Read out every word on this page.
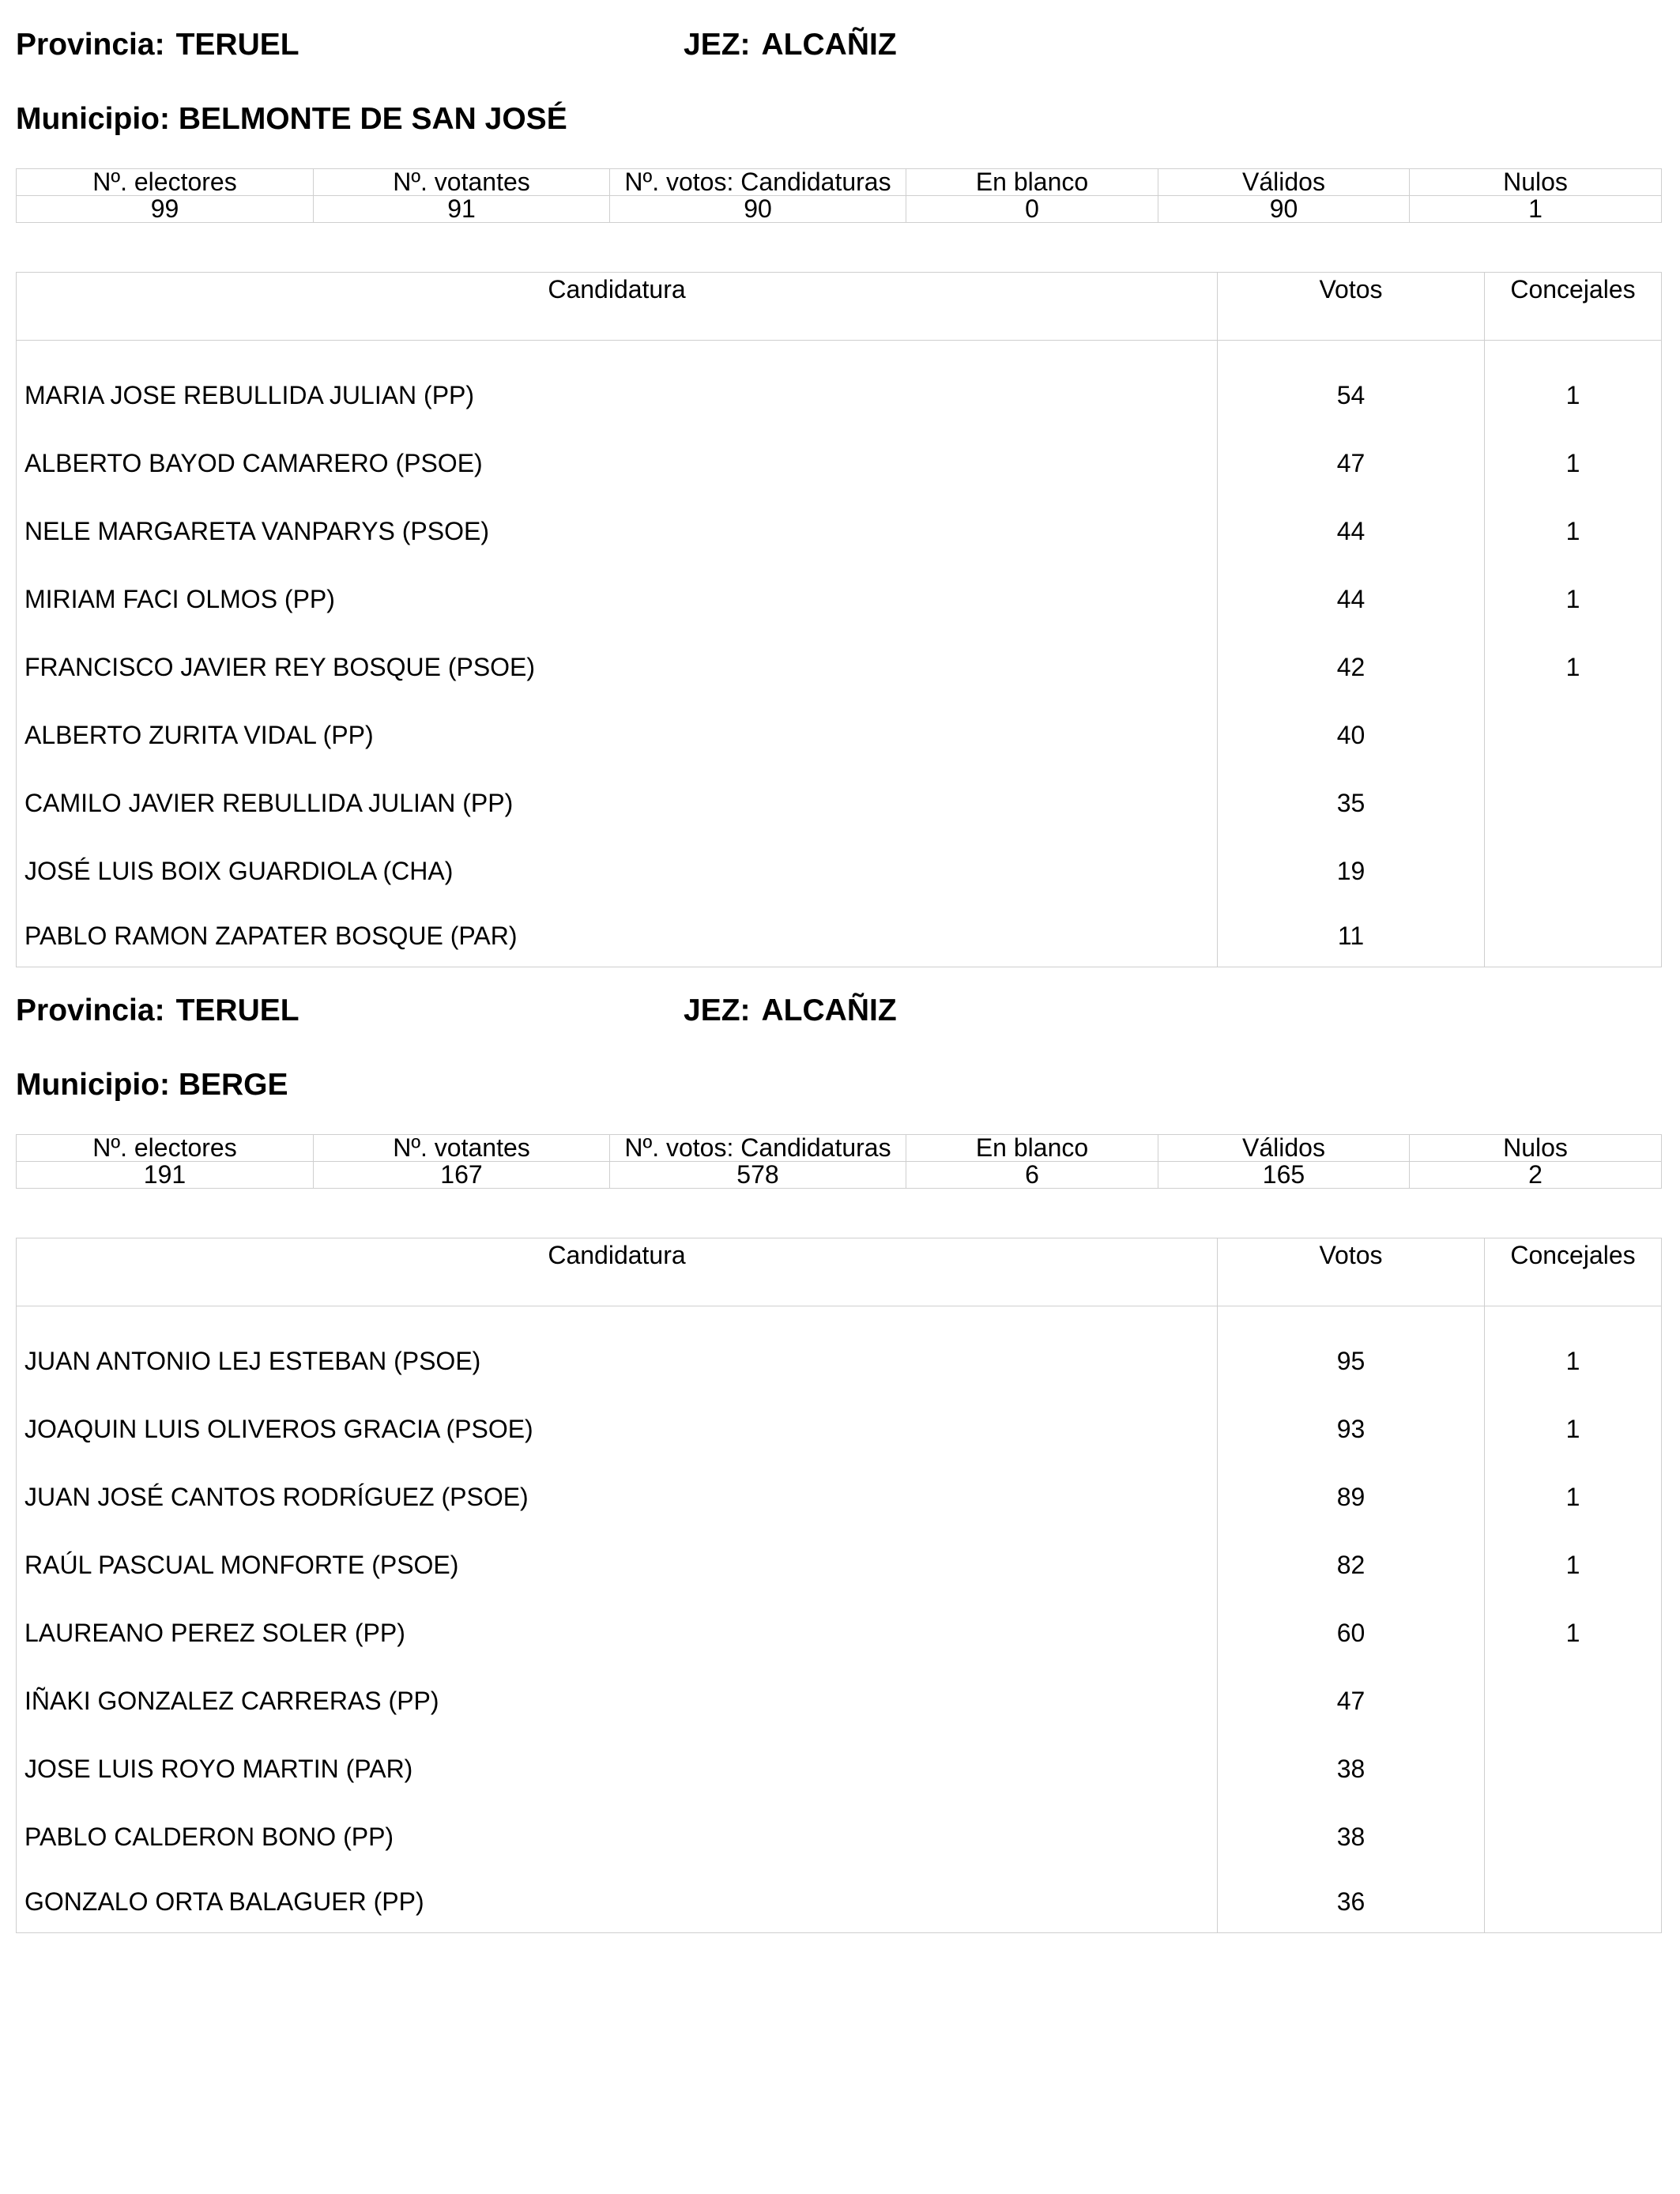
Provincia: TERUEL	JEZ: ALCAÑIZ
Municipio: BELMONTE DE SAN JOSÉ
Nº. electores	Nº. votantes	Nº. votos: Candidaturas	En blanco	Válidos	Nulos
99	91	90	0	90	1
Candidatura	Votos	Concejales
MARIA JOSE REBULLIDA JULIAN (PP)	54	1
ALBERTO BAYOD CAMARERO (PSOE)	47	1
NELE MARGARETA VANPARYS (PSOE)	44	1
MIRIAM FACI OLMOS (PP)	44	1
FRANCISCO JAVIER REY BOSQUE (PSOE)	42	1
ALBERTO ZURITA VIDAL (PP)	40	
CAMILO JAVIER REBULLIDA JULIAN (PP)	35	
JOSÉ LUIS BOIX GUARDIOLA (CHA)	19	
PABLO RAMON ZAPATER BOSQUE (PAR)	11	
Provincia: TERUEL	JEZ: ALCAÑIZ
Municipio: BERGE
Nº. electores	Nº. votantes	Nº. votos: Candidaturas	En blanco	Válidos	Nulos
191	167	578	6	165	2
Candidatura	Votos	Concejales
JUAN ANTONIO LEJ ESTEBAN (PSOE)	95	1
JOAQUIN LUIS OLIVEROS GRACIA (PSOE)	93	1
JUAN JOSÉ CANTOS RODRÍGUEZ (PSOE)	89	1
RAÚL PASCUAL MONFORTE (PSOE)	82	1
LAUREANO PEREZ SOLER (PP)	60	1
IÑAKI GONZALEZ CARRERAS (PP)	47	
JOSE LUIS ROYO MARTIN (PAR)	38	
PABLO CALDERON BONO (PP)	38	
GONZALO ORTA BALAGUER (PP)	36	
